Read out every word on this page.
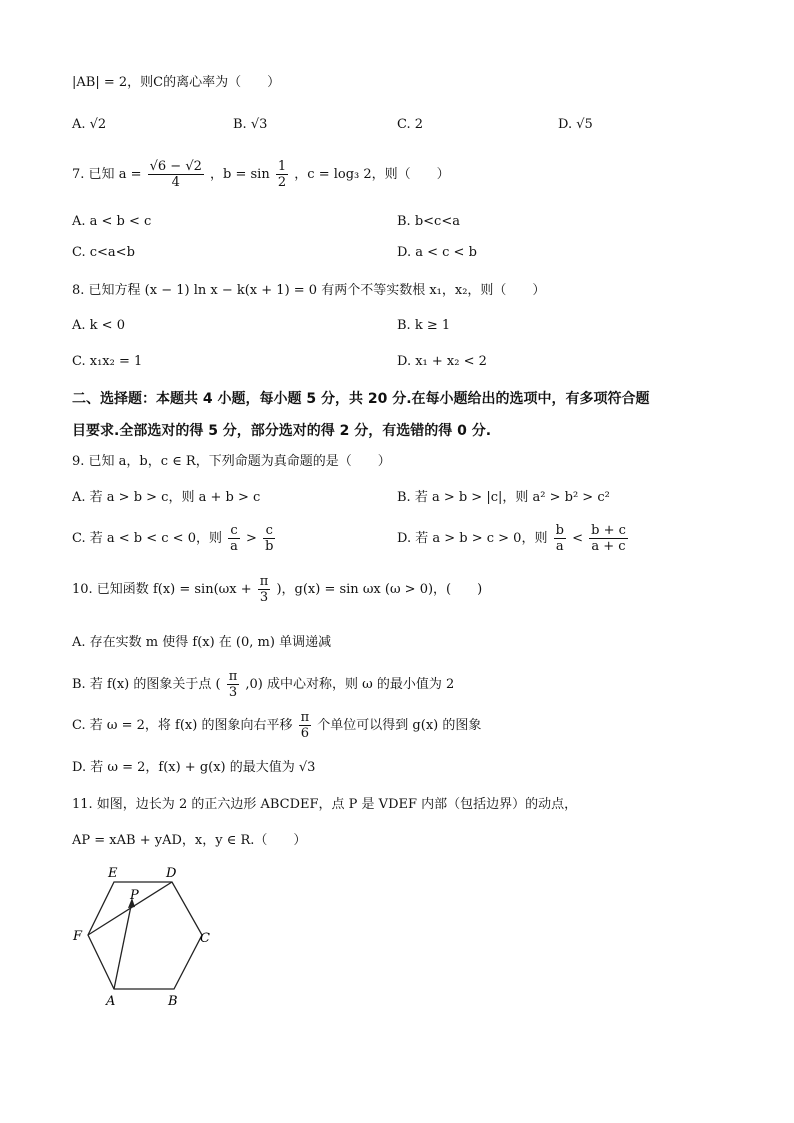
|AB| = 2，则C的离心率为（　　）
A. √2	B. √3	C. 2	D. √5
7. 已知 $a = \frac{√6 - √2}{4}$ ，$b = \sin \frac{1}{2}$ ，c = log₃ 2，则（　　）
A. a < b < c	B. b<c<a
C. c<a<b	D. a < c < b
8. 已知方程 (x − 1) ln x − k(x + 1) = 0 有两个不等实数根 x₁，x₂，则（　　）
A. k < 0	B. k ≥ 1
C. x₁x₂ = 1	D. x₁ + x₂ < 2
二、选择题：本题共 4 小题，每小题 5 分，共 20 分.在每小题给出的选项中，有多项符合题
目要求.全部选对的得 5 分，部分选对的得 2 分，有选错的得 0 分.
9. 已知 a，b，c ∈ R，下列命题为真命题的是（　　）
A. 若 a > b > c，则 a + b > c	B. 若 a > b > |c|，则 a² > b² > c²
C. 若 a < b < c < 0，则 $\frac{c}{a} > \frac{c}{b}$	D. 若 a > b > c > 0，则 $\frac{b}{a} < \frac{b + c}{a + c}$
10. 已知函数 $f(x) = \sin(\omega x + \frac{\pi}{3}$ )，g(x) = sin ωx (ω > 0)，(　　)
A. 存在实数 m 使得 f(x) 在 (0, m) 单调递减
B. 若 f(x) 的图象关于点 ( $\frac{\pi}{3} ,0$) 成中心对称，则 ω 的最小值为 2
C. 若 ω = 2，将 f(x) 的图象向右平移 $\frac{\pi}{6}$ 个单位可以得到 g(x) 的图象
D. 若 ω = 2，f(x) + g(x) 的最大值为 √3
11. 如图，边长为 2 的正六边形 ABCDEF，点 P 是 VDEF 内部（包括边界）的动点，
AP = xAB + yAD，x，y ∈ R.（　　）
E	D
P
F	C
A	B
